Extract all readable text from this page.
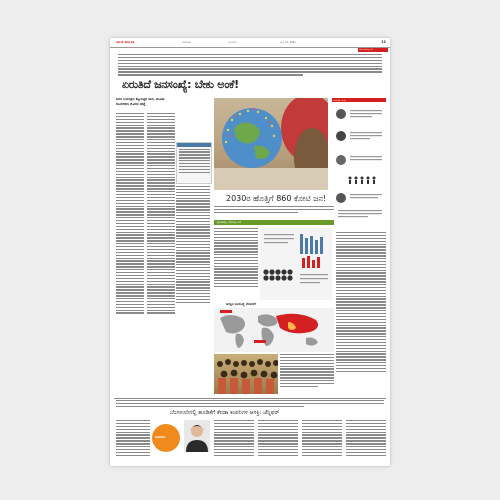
ವಿಜಯ ಕರ್ನಾಟಕ	ಬೆಂಗಳೂರು	ಭಾನುವಾರ	ಜುಲೈ 11, 2021	11
ವಿಶ್ವ ಜನಸಂಖ್ಯಾ ದಿನ
ಏರುತಿದೆ ಜನಸಂಖ್ಯೆ: ಬೇಕು ಅಂಕೆ!
ಜನನ ನಿಯಂತ್ರಣ ಕಟ್ಟುನಿಟ್ಟಿನ ಜಾರಿ, ಮಹಿಳಾ ಸಬಲೀಕರಣ ಮೊದಲ ಹೆಜ್ಜೆ
ಜನಸಂಖ್ಯಾ ಸ್ಫೋಟ
2030ರ ಹೊತ್ತಿಗೆ 860 ಕೋಟಿ ಜನ!
ಪ್ರಪಂಚದಲ್ಲಿ ಜನಸಂಖ್ಯೆ ಏರಿಕೆ
ಜಗತ್ತಿನ ಜನಸಂಖ್ಯೆ ಬೆಳವಣಿಗೆ
ಬೆಂಗಳೂರಿನಲ್ಲಿ ಹೂಡಿಕೆಗೆ ಕೆನಡಾ ಕಂಪನಿಗಳ ಆಸಕ್ತಿ: ಜೆನ್ನಿಫರ್
ಸಂದರ್ಶನ
